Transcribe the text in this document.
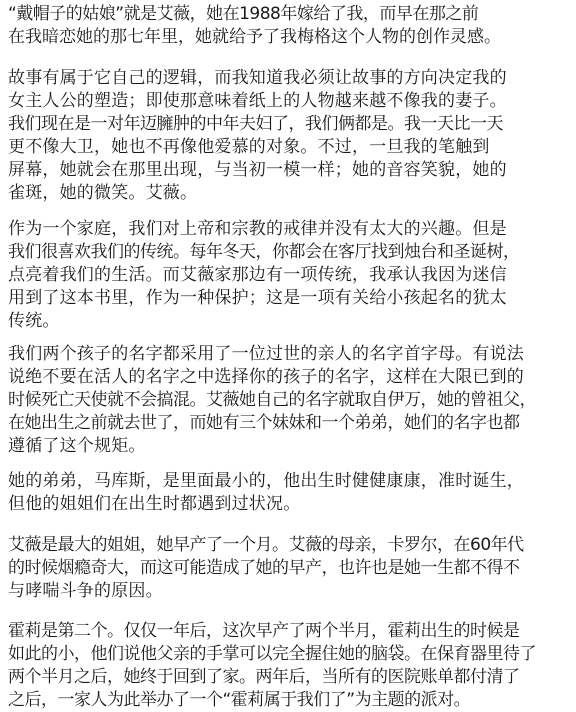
“戴帽子的姑娘”就是艾薇，她在1988年嫁给了我，而早在那之前
在我暗恋她的那七年里，她就给予了我梅格这个人物的创作灵感。
故事有属于它自己的逻辑，而我知道我必须让故事的方向决定我的
女主人公的塑造；即使那意味着纸上的人物越来越不像我的妻子。
我们现在是一对年迈臃肿的中年夫妇了，我们俩都是。我一天比一天
更不像大卫，她也不再像他爱慕的对象。不过，一旦我的笔触到
屏幕，她就会在那里出现，与当初一模一样；她的音容笑貌，她的
雀斑，她的微笑。艾薇。
作为一个家庭，我们对上帝和宗教的戒律并没有太大的兴趣。但是
我们很喜欢我们的传统。每年冬天，你都会在客厅找到烛台和圣诞树，
点亮着我们的生活。而艾薇家那边有一项传统，我承认我因为迷信
用到了这本书里，作为一种保护；这是一项有关给小孩起名的犹太
传统。
我们两个孩子的名字都采用了一位过世的亲人的名字首字母。有说法
说绝不要在活人的名字之中选择你的孩子的名字，这样在大限已到的
时候死亡天使就不会搞混。艾薇她自己的名字就取自伊万，她的曾祖父，
在她出生之前就去世了，而她有三个妹妹和一个弟弟，她们的名字也都
遵循了这个规矩。
她的弟弟，马库斯，是里面最小的，他出生时健健康康，准时诞生，
但他的姐姐们在出生时都遇到过状况。
艾薇是最大的姐姐，她早产了一个月。艾薇的母亲，卡罗尔，在60年代
的时候烟瘾奇大，而这可能造成了她的早产，也许也是她一生都不得不
与哮喘斗争的原因。
霍莉是第二个。仅仅一年后，这次早产了两个半月，霍莉出生的时候是
如此的小，他们说他父亲的手掌可以完全握住她的脑袋。在保育器里待了
两个半月之后，她终于回到了家。两年后，当所有的医院账单都付清了
之后，一家人为此举办了一个“霍莉属于我们了”为主题的派对。
